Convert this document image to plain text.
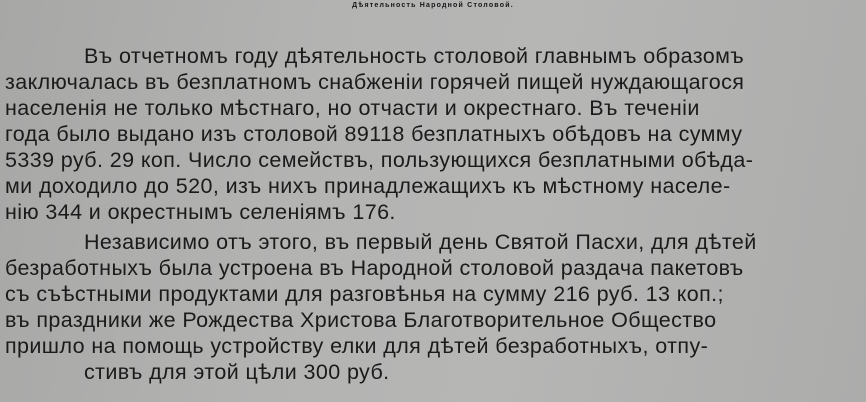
Дѣятельность Народной Столовой.
Въ отчетномъ году дѣятельность столовой главнымъ образомъ
заключалась въ безплатномъ снабженіи горячей пищей нуждающагося
населенія не только мѣстнаго, но отчасти и окрестнаго. Въ теченіи
года было выдано изъ столовой 89118 безплатныхъ обѣдовъ на сумму
5339 руб. 29 коп. Число семействъ, пользующихся безплатными обѣда-
ми доходило до 520, изъ нихъ принадлежащихъ къ мѣстному населе-
нію 344 и окрестнымъ селеніямъ 176.
Независимо отъ этого, въ первый день Святой Пасхи, для дѣтей
безработныхъ была устроена въ Народной столовой раздача пакетовъ
съ съѣстными продуктами для разговѣнья на сумму 216 руб. 13 коп.;
въ праздники же Рождества Христова Благотворительное Общество
пришло на помощь устройству елки для дѣтей безработныхъ, отпу-
стивъ для этой цѣли 300 руб.
